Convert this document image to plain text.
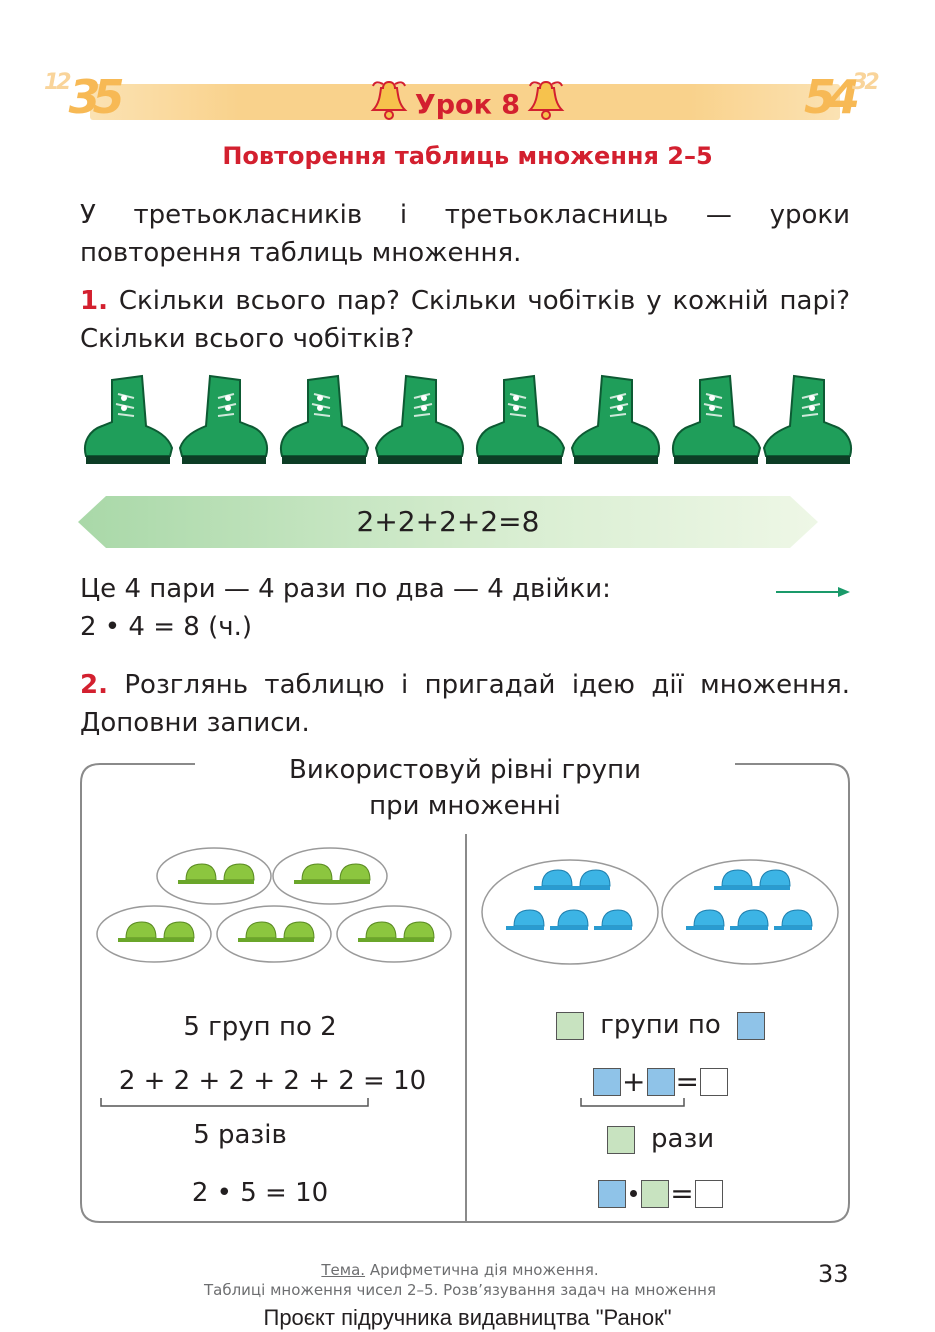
$^{12}$35	$54^{32}$
Урок 8
Повторення таблиць множення 2–5
У третьокласників і третьокласниць — уроки повторення таблиць множення.
1. Скільки всього пар? Скільки чобітків у кожній парі? Скільки всього чобітків?
2+2+2+2=8
Це 4 пари — 4 рази по два — 4 двійки:
2 • 4 = 8 (ч.)
2. Розглянь таблицю і пригадай ідею дії множення. Доповни записи.
Використовуй рівні групи
при множенні
5 груп по 2
2 + 2 + 2 + 2 + 2 = 10
5 разів
2 • 5 = 10
групи по
+ =
рази
=
Тема. Арифметична дія множення.
Таблиці множення чисел 2–5. Розв’язування задач на множення
33
Проєкт підручника видавництва "Ранок"
